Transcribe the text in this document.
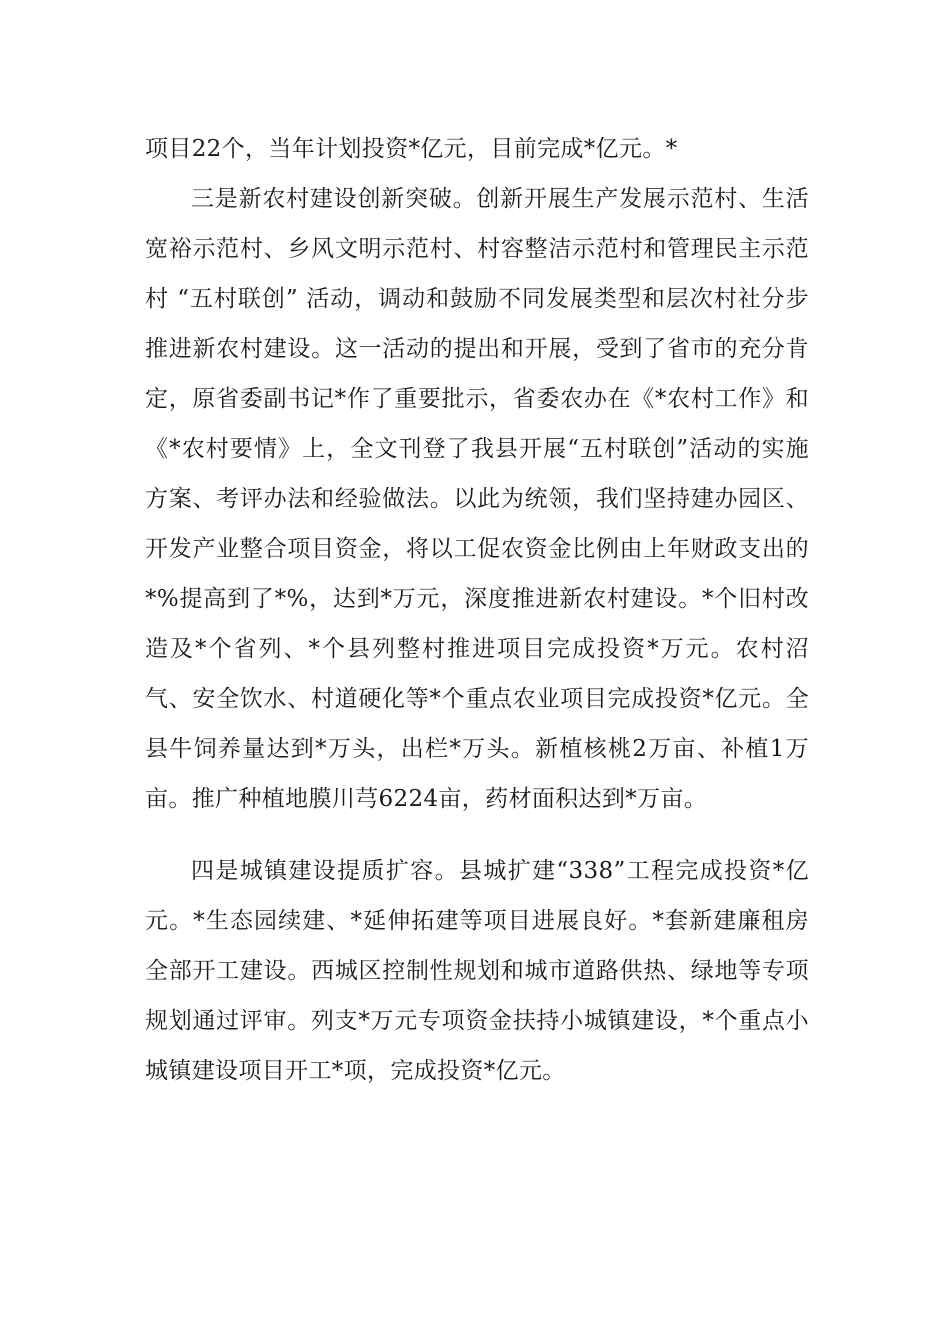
项目22个，当年计划投资*亿元，目前完成*亿元。*

三是新农村建设创新突破。创新开展生产发展示范村、生活宽裕示范村、乡风文明示范村、村容整洁示范村和管理民主示范村 “五村联创” 活动，调动和鼓励不同发展类型和层次村社分步推进新农村建设。这一活动的提出和开展，受到了省市的充分肯定，原省委副书记*作了重要批示，省委农办在《*农村工作》和《*农村要情》上，全文刊登了我县开展“五村联创”活动的实施方案、考评办法和经验做法。以此为统领，我们坚持建办园区、开发产业整合项目资金，将以工促农资金比例由上年财政支出的*%提高到了*%，达到*万元，深度推进新农村建设。*个旧村改造及*个省列、*个县列整村推进项目完成投资*万元。农村沼气、安全饮水、村道硬化等*个重点农业项目完成投资*亿元。全县牛饲养量达到*万头，出栏*万头。新植核桃2万亩、补植1万亩。推广种植地膜川芎6224亩，药材面积达到*万亩。

四是城镇建设提质扩容。县城扩建“338”工程完成投资*亿元。*生态园续建、*延伸拓建等项目进展良好。*套新建廉租房全部开工建设。西城区控制性规划和城市道路供热、绿地等专项规划通过评审。列支*万元专项资金扶持小城镇建设，*个重点小城镇建设项目开工*项，完成投资*亿元。
